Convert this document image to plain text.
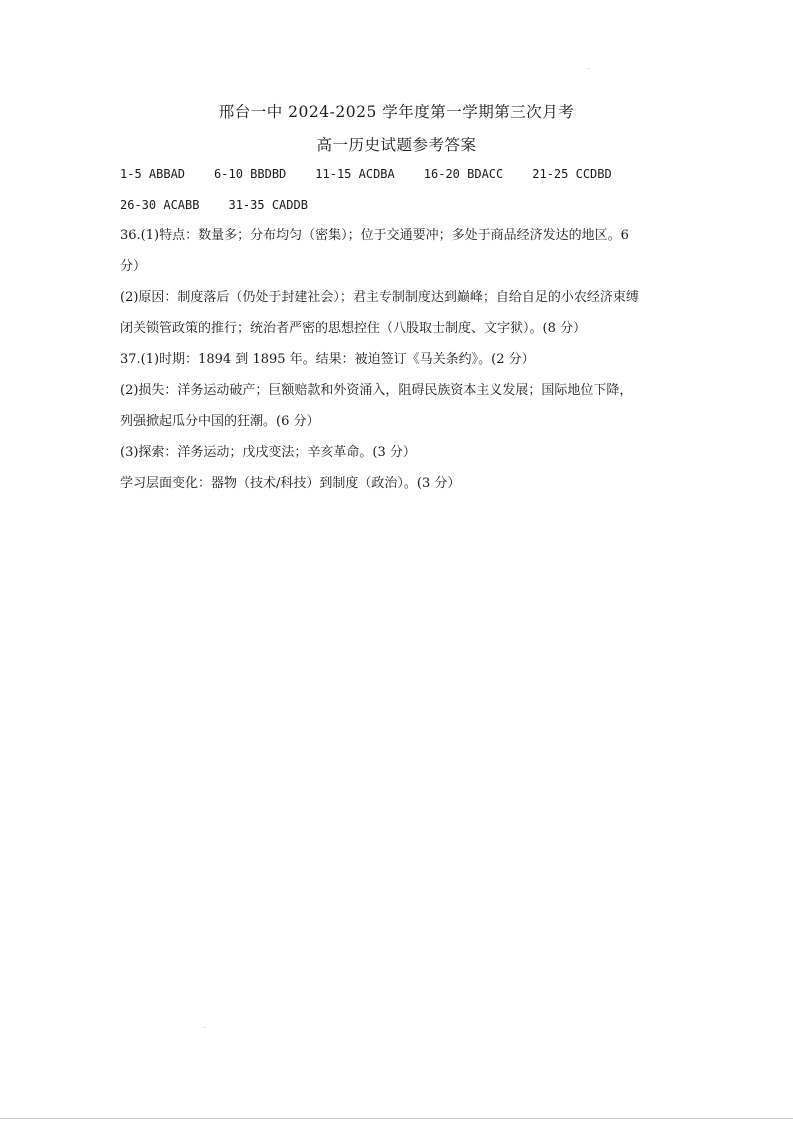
邢台一中 2024-2025 学年度第一学期第三次月考
高一历史试题参考答案
1-5 ABBAD 6-10 BBDBD 11-15 ACDBA 16-20 BDACC 21-25 CCDBD
26-30 ACABB 31-35 CADDB
36.(1)特点：数量多；分布均匀（密集）；位于交通要冲；多处于商品经济发达的地区。6
分）
(2)原因：制度落后（仍处于封建社会）；君主专制制度达到巅峰；自给自足的小农经济束缚
闭关锁管政策的推行；统治者严密的思想控住（八股取士制度、文字狱）。(8 分）
37.(1)时期：1894 到 1895 年。结果：被迫签订《马关条约》。(2 分）
(2)损失：洋务运动破产；巨额赔款和外资涌入，阻碍民族资本主义发展；国际地位下降，
列强掀起瓜分中国的狂潮。(6 分）
(3)探索：洋务运动；戊戌变法；辛亥革命。(3 分）
学习层面变化：器物（技术/科技）到制度（政治）。(3 分）
